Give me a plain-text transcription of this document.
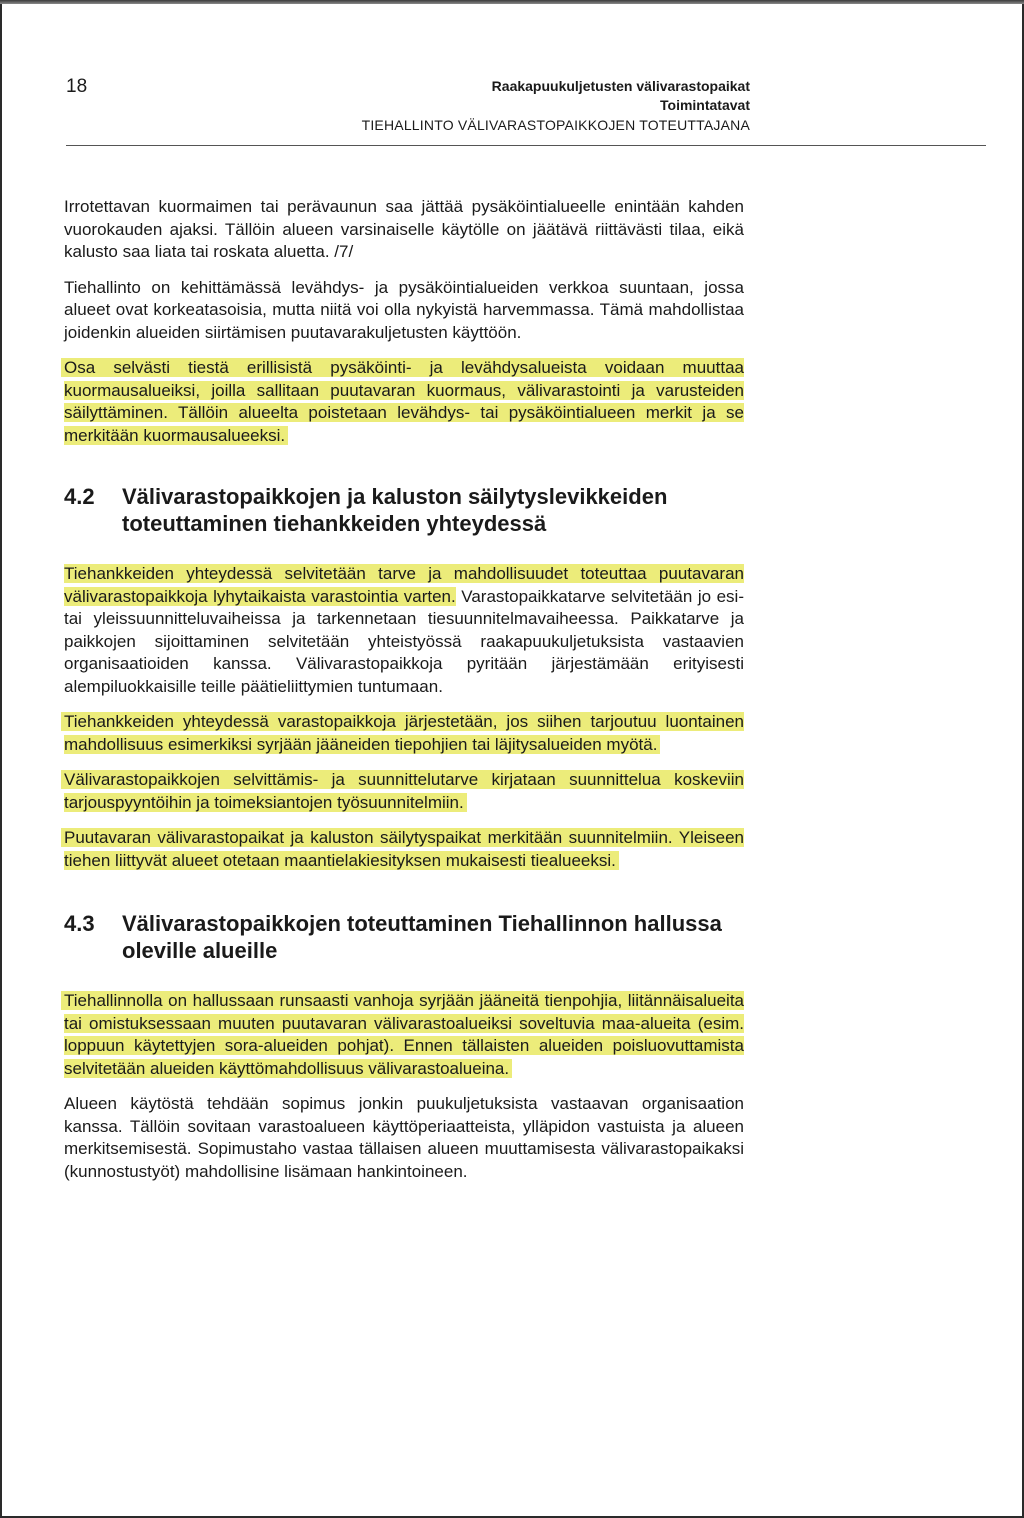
18	Raakapuukuljetusten välivarastopaikat
Toimintatavat
TIEHALLINTO VÄLIVARASTOPAIKKOJEN TOTEUTTAJANA

Irrotettavan kuormaimen tai perävaunun saa jättää pysäköintialueelle enintään kahden vuorokauden ajaksi. Tällöin alueen varsinaiselle käytölle on jäätävä riittävästi tilaa, eikä kalusto saa liata tai roskata aluetta. /7/

Tiehallinto on kehittämässä levähdys- ja pysäköintialueiden verkkoa suuntaan, jossa alueet ovat korkeatasoisia, mutta niitä voi olla nykyistä harvemmassa. Tämä mahdollistaa joidenkin alueiden siirtämisen puutavarakuljetusten käyttöön.

Osa selvästi tiestä erillisistä pysäköinti- ja levähdysalueista voidaan muuttaa kuormausalueiksi, joilla sallitaan puutavaran kuormaus, välivarastointi ja varusteiden säilyttäminen. Tällöin alueelta poistetaan levähdys- tai pysäköintialueen merkit ja se merkitään kuormausalueeksi.

4.2	Välivarastopaikkojen ja kaluston säilytyslevikkeiden toteuttaminen tiehankkeiden yhteydessä

Tiehankkeiden yhteydessä selvitetään tarve ja mahdollisuudet toteuttaa puutavaran välivarastopaikkoja lyhytaikaista varastointia varten. Varastopaikkatarve selvitetään jo esi- tai yleissuunnitteluvaiheissa ja tarkennetaan tiesuunnitelmavaiheessa. Paikkatarve ja paikkojen sijoittaminen selvitetään yhteistyössä raakapuukuljetuksista vastaavien organisaatioiden kanssa. Välivarastopaikkoja pyritään järjestämään erityisesti alempiluokkaisille teille päätieliittymien tuntumaan.

Tiehankkeiden yhteydessä varastopaikkoja järjestetään, jos siihen tarjoutuu luontainen mahdollisuus esimerkiksi syrjään jääneiden tiepohjien tai läjitysalueiden myötä.

Välivarastopaikkojen selvittämis- ja suunnittelutarve kirjataan suunnittelua koskeviin tarjouspyyntöihin ja toimeksiantojen työsuunnitelmiin.

Puutavaran välivarastopaikat ja kaluston säilytyspaikat merkitään suunnitelmiin. Yleiseen tiehen liittyvät alueet otetaan maantielakiesityksen mukaisesti tiealueeksi.

4.3	Välivarastopaikkojen toteuttaminen Tiehallinnon hallussa oleville alueille

Tiehallinnolla on hallussaan runsaasti vanhoja syrjään jääneitä tienpohjia, liitännäisalueita tai omistuksessaan muuten puutavaran välivarastoalueiksi soveltuvia maa-alueita (esim. loppuun käytettyjen sora-alueiden pohjat). Ennen tällaisten alueiden poisluovuttamista selvitetään alueiden käyttömahdollisuus välivarastoalueina.

Alueen käytöstä tehdään sopimus jonkin puukuljetuksista vastaavan organisaation kanssa. Tällöin sovitaan varastoalueen käyttöperiaatteista, ylläpidon vastuista ja alueen merkitsemisestä. Sopimustaho vastaa tällaisen alueen muuttamisesta välivarastopaikaksi (kunnostustyöt) mahdollisine lisämaan hankintoineen.
